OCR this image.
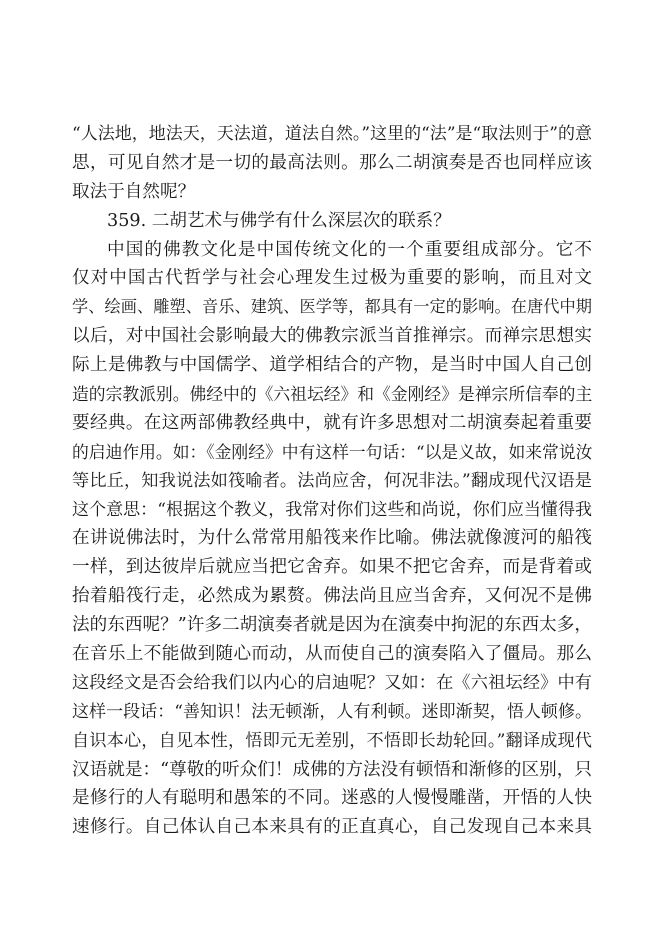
“人法地，地法天，天法道，道法自然。”这里的“法”是“取法则于”的意
思，可见自然才是一切的最高法则。那么二胡演奏是否也同样应该
取法于自然呢？
359. 二胡艺术与佛学有什么深层次的联系？
中国的佛教文化是中国传统文化的一个重要组成部分。它不
仅对中国古代哲学与社会心理发生过极为重要的影响，而且对文
学、绘画、雕塑、音乐、建筑、医学等，都具有一定的影响。在唐代中期
以后，对中国社会影响最大的佛教宗派当首推禅宗。而禅宗思想实
际上是佛教与中国儒学、道学相结合的产物，是当时中国人自己创
造的宗教派别。佛经中的《六祖坛经》和《金刚经》是禅宗所信奉的主
要经典。在这两部佛教经典中，就有许多思想对二胡演奏起着重要
的启迪作用。如：《金刚经》中有这样一句话：“以是义故，如来常说汝
等比丘，知我说法如筏喻者。法尚应舍，何况非法。”翻成现代汉语是
这个意思：“根据这个教义，我常对你们这些和尚说，你们应当懂得我
在讲说佛法时，为什么常常用船筏来作比喻。佛法就像渡河的船筏
一样，到达彼岸后就应当把它舍弃。如果不把它舍弃，而是背着或
抬着船筏行走，必然成为累赘。佛法尚且应当舍弃，又何况不是佛
法的东西呢？”许多二胡演奏者就是因为在演奏中拘泥的东西太多，
在音乐上不能做到随心而动，从而使自己的演奏陷入了僵局。那么
这段经文是否会给我们以内心的启迪呢？又如：在《六祖坛经》中有
这样一段话：“善知识！法无顿渐，人有利顿。迷即渐契，悟人顿修。
自识本心，自见本性，悟即元无差别，不悟即长劫轮回。”翻译成现代
汉语就是：“尊敬的听众们！成佛的方法没有顿悟和渐修的区别，只
是修行的人有聪明和愚笨的不同。迷惑的人慢慢雕凿，开悟的人快
速修行。自己体认自己本来具有的正直真心，自己发现自己本来具
